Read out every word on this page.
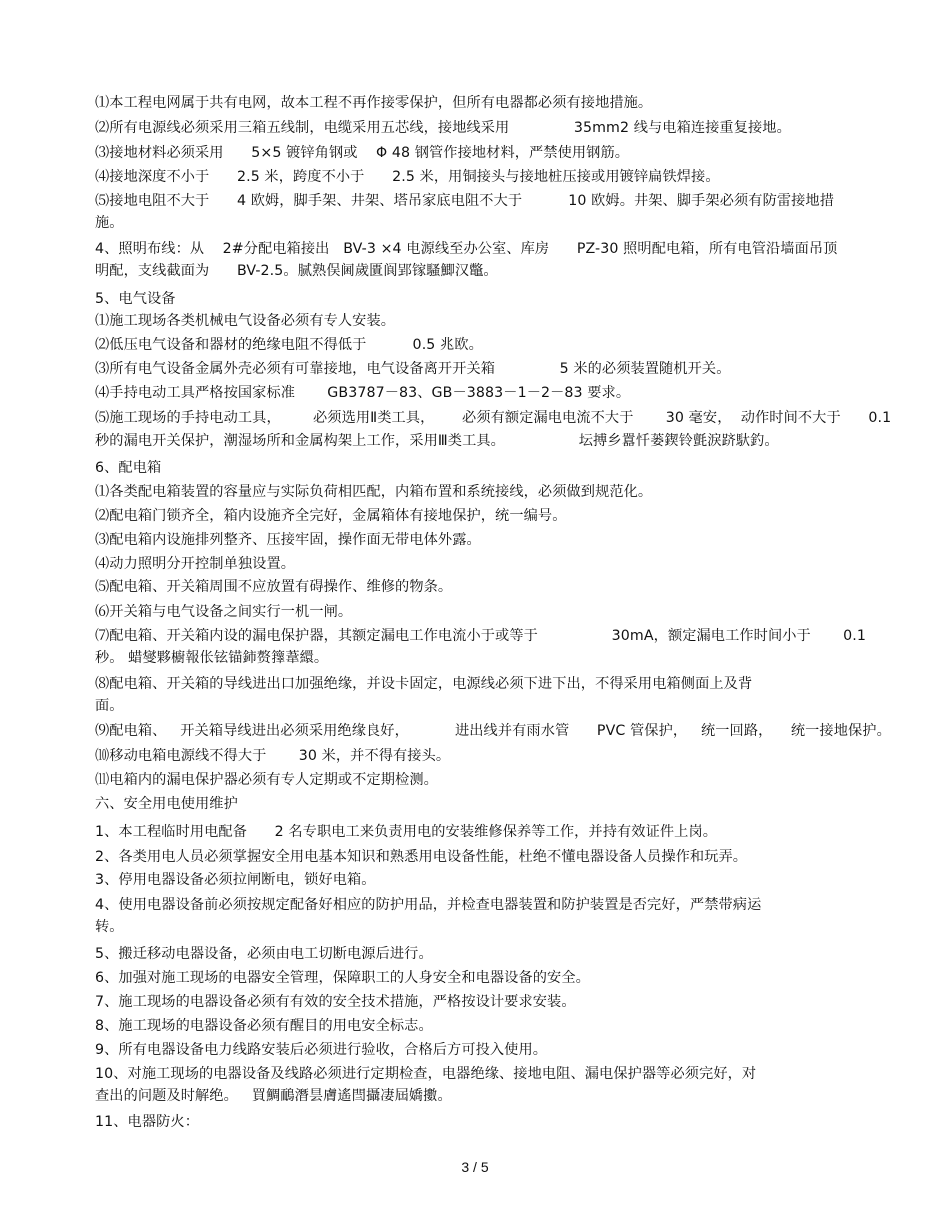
⑴本工程电网属于共有电网，故本工程不再作接零保护，但所有电器都必须有接地措施。
⑵所有电源线必须采用三箱五线制，电缆采用五芯线，接地线采用              35mm2 线与电箱连接重复接地。
⑶接地材料必须采用      5×5 镀锌角钢或    Φ 48 钢管作接地材料，严禁使用钢筋。
⑷接地深度不小于      2.5 米，跨度不小于      2.5 米，用铜接头与接地桩压接或用镀锌扁铁焊接。
⑸接地电阻不大于      4 欧姆，脚手架、井架、塔吊家底电阻不大于          10 欧姆。井架、脚手架必须有防雷接地措
施。
4、照明布线：从    2#分配电箱接出   BV-3 ×4 电源线至办公室、库房      PZ-30 照明配电箱，所有电管沿墙面吊顶
明配，支线截面为      BV-2.5。腻熟俣阃歲匱阆郢镓騷鯽汉鼈。
5、电气设备
⑴施工现场各类机械电气设备必须有专人安装。
⑵低压电气设备和器材的绝缘电阻不得低于          0.5 兆欧。
⑶所有电气设备金属外壳必须有可靠接地，电气设备离开开关箱              5 米的必须装置随机开关。
⑷手持电动工具严格按国家标准       GB3787－83、GB－3883－1－2－83 要求。
⑸施工现场的手持电动工具，       必须选用Ⅱ类工具，      必须有额定漏电电流不大于       30 毫安，  动作时间不大于      0.1
秒的漏电开关保护，潮湿场所和金属构架上工作，采用Ⅲ类工具。                坛搏乡囂忏蒌鍥铃氈淚跻馱釣。
6、配电箱
⑴各类配电箱装置的容量应与实际负荷相匹配，内箱布置和系统接线，必须做到规范化。
⑵配电箱门锁齐全，箱内设施齐全完好，金属箱体有接地保护，统一编号。
⑶配电箱内设施排列整齐、压接牢固，操作面无带电体外露。
⑷动力照明分开控制单独设置。
⑸配电箱、开关箱周围不应放置有碍操作、维修的物条。
⑹开关箱与电气设备之间实行一机一闸。
⑺配电箱、开关箱内设的漏电保护器，其额定漏电工作电流小于或等于                30mA，额定漏电工作时间小于       0.1
秒。 蜡燮夥櫥報伥铉锚鈰赘籜葦繯。
⑻配电箱、开关箱的导线进出口加强绝缘，并设卡固定，电源线必须下进下出，不得采用电箱侧面上及背
面。
⑼配电箱、   开关箱导线进出必须采用绝缘良好，          进出线并有雨水管      PVC 管保护，   统一回路，    统一接地保护。
⑽移动电箱电源线不得大于       30 米，并不得有接头。
⑾电箱内的漏电保护器必须有专人定期或不定期检测。
六、安全用电使用维护
1、本工程临时用电配备      2 名专职电工来负责用电的安装维修保养等工作，并持有效证件上岗。
2、各类用电人员必须掌握安全用电基本知识和熟悉用电设备性能，杜绝不懂电器设备人员操作和玩弄。
3、停用电器设备必须拉闸断电，锁好电箱。
4、使用电器设备前必须按规定配备好相应的防护用品，并检查电器装置和防护装置是否完好，严禁带病运
转。
5、搬迁移动电器设备，必须由电工切断电源后进行。
6、加强对施工现场的电器安全管理，保障职工的人身安全和电器设备的安全。
7、施工现场的电器设备必须有有效的安全技术措施，严格按设计要求安装。
8、施工现场的电器设备必须有醒目的用电安全标志。
9、所有电器设备电力线路安装后必须进行验收，合格后方可投入使用。
10、对施工现场的电器设备及线路必须进行定期检查，电器绝缘、接地电阻、漏电保护器等必须完好，对
查出的问题及时解绝。   買鯛鴯潛昙膚遙閆攝凄屆嬌擻。
11、电器防火：
3 / 5
